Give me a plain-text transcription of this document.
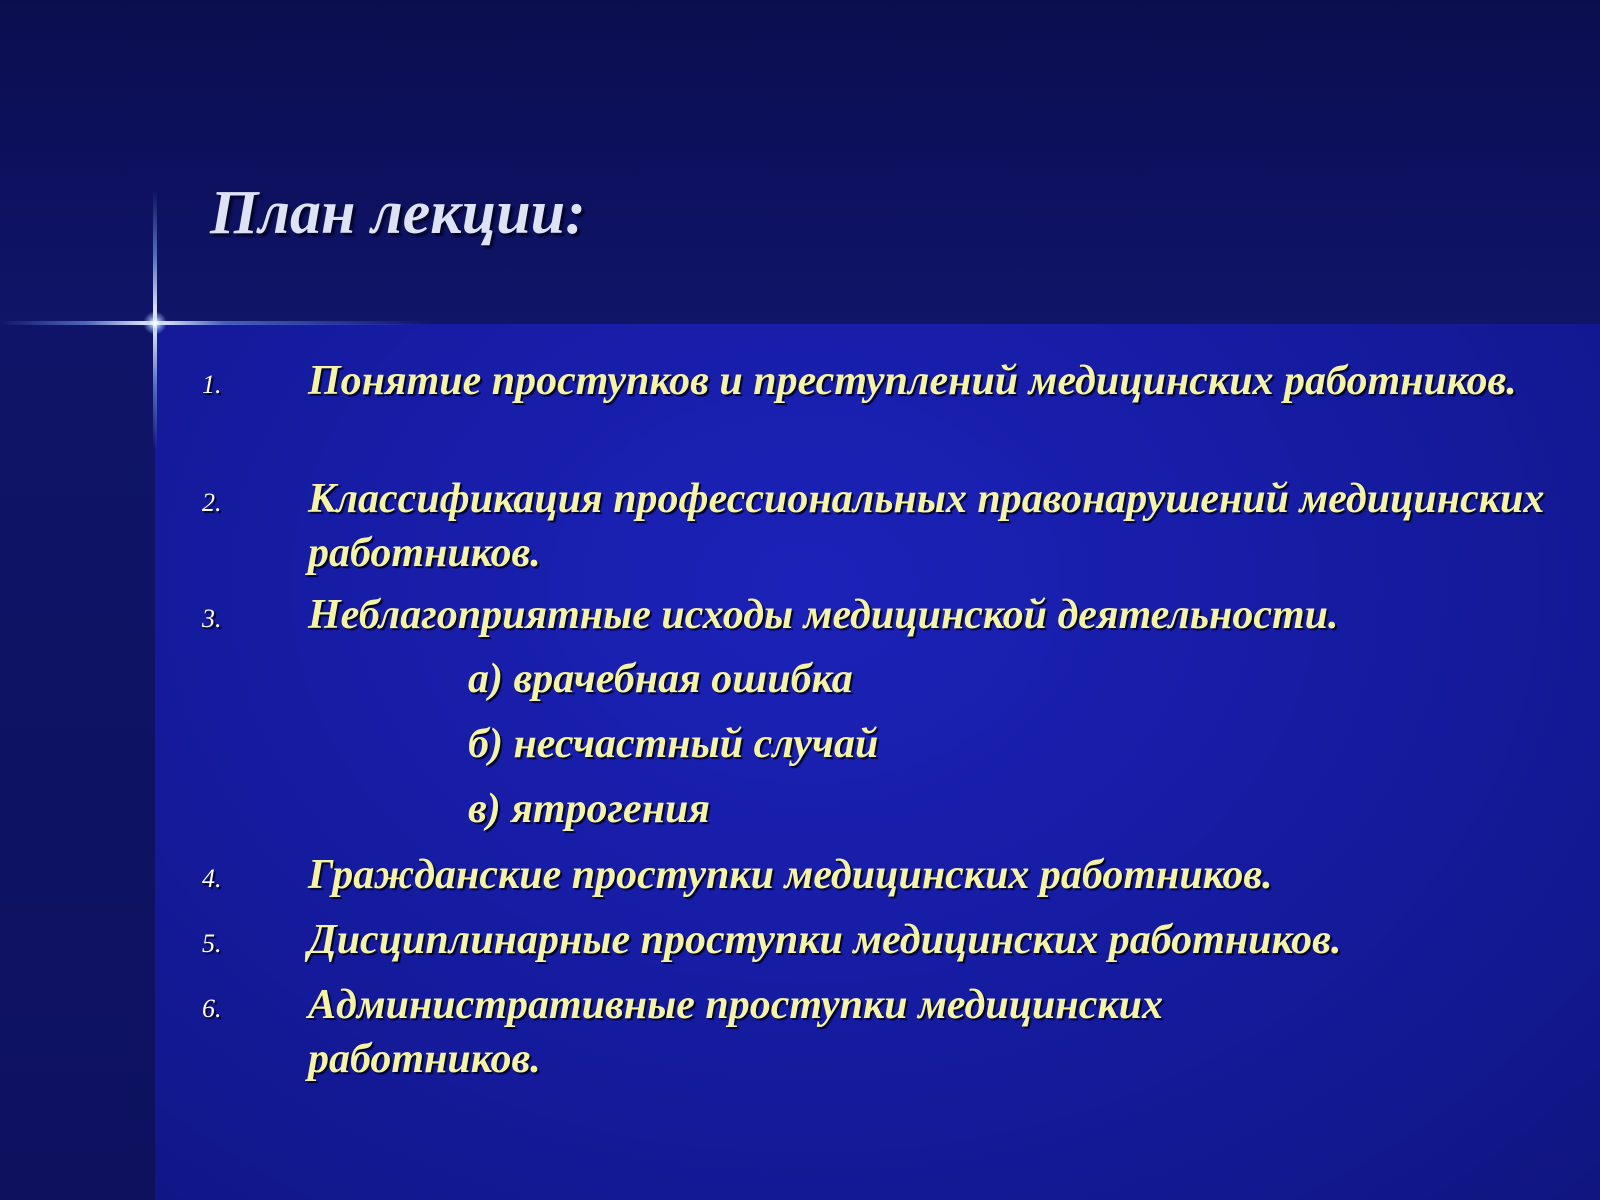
План лекции:
1. Понятие проступков и преступлений медицинских работников.

2. Классификация профессиональных правонарушений медицинских работников.

3. Неблагоприятные исходы медицинской деятельности.

а) врачебная ошибка

б) несчастный случай

в) ятрогения

4. Гражданские проступки медицинских работников.

5. Дисциплинарные проступки медицинских работников.

6. Административные проступки медицинских работников.
